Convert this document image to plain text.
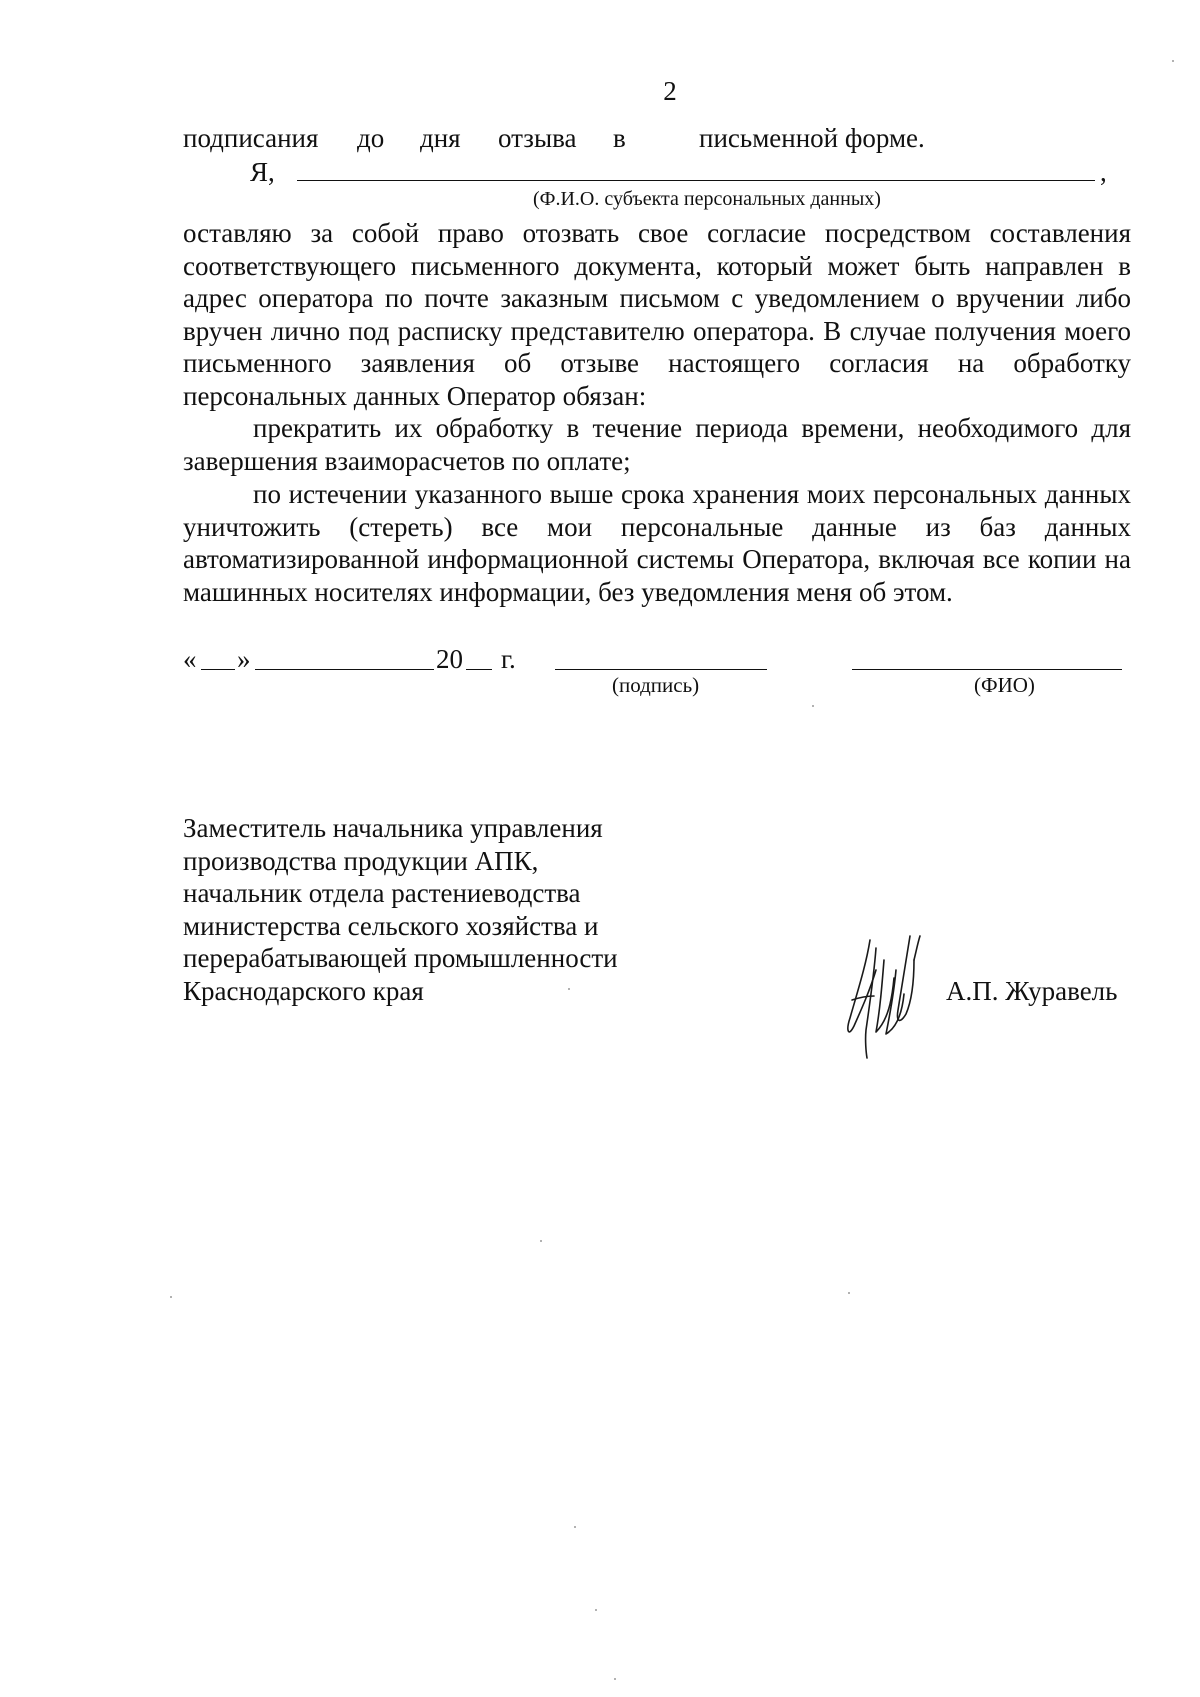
2
подписания до дня отзыва в	письменной форме.
Я,	,
(Ф.И.О. субъекта персональных данных)
оставляю за собой право отозвать свое согласие посредством составления соответствующего письменного документа, который может быть направлен в адрес оператора по почте заказным письмом с уведомлением о вручении либо вручен лично под расписку представителю оператора. В случае получения моего письменного заявления об отзыве настоящего согласия на обработку персональных данных Оператор обязан:
прекратить их обработку в течение периода времени, необходимого для завершения взаиморасчетов по оплате;
по истечении указанного выше срока хранения моих персональных данных уничтожить (стереть) все мои персональные данные из баз данных автоматизированной информационной системы Оператора, включая все копии на машинных носителях информации, без уведомления меня об этом.
« »	20 г.
(подпись)	(ФИО)
Заместитель начальника управления
производства продукции АПК,
начальник отдела растениеводства
министерства сельского хозяйства и
перерабатывающей промышленности
Краснодарского края	А.П. Журавель
